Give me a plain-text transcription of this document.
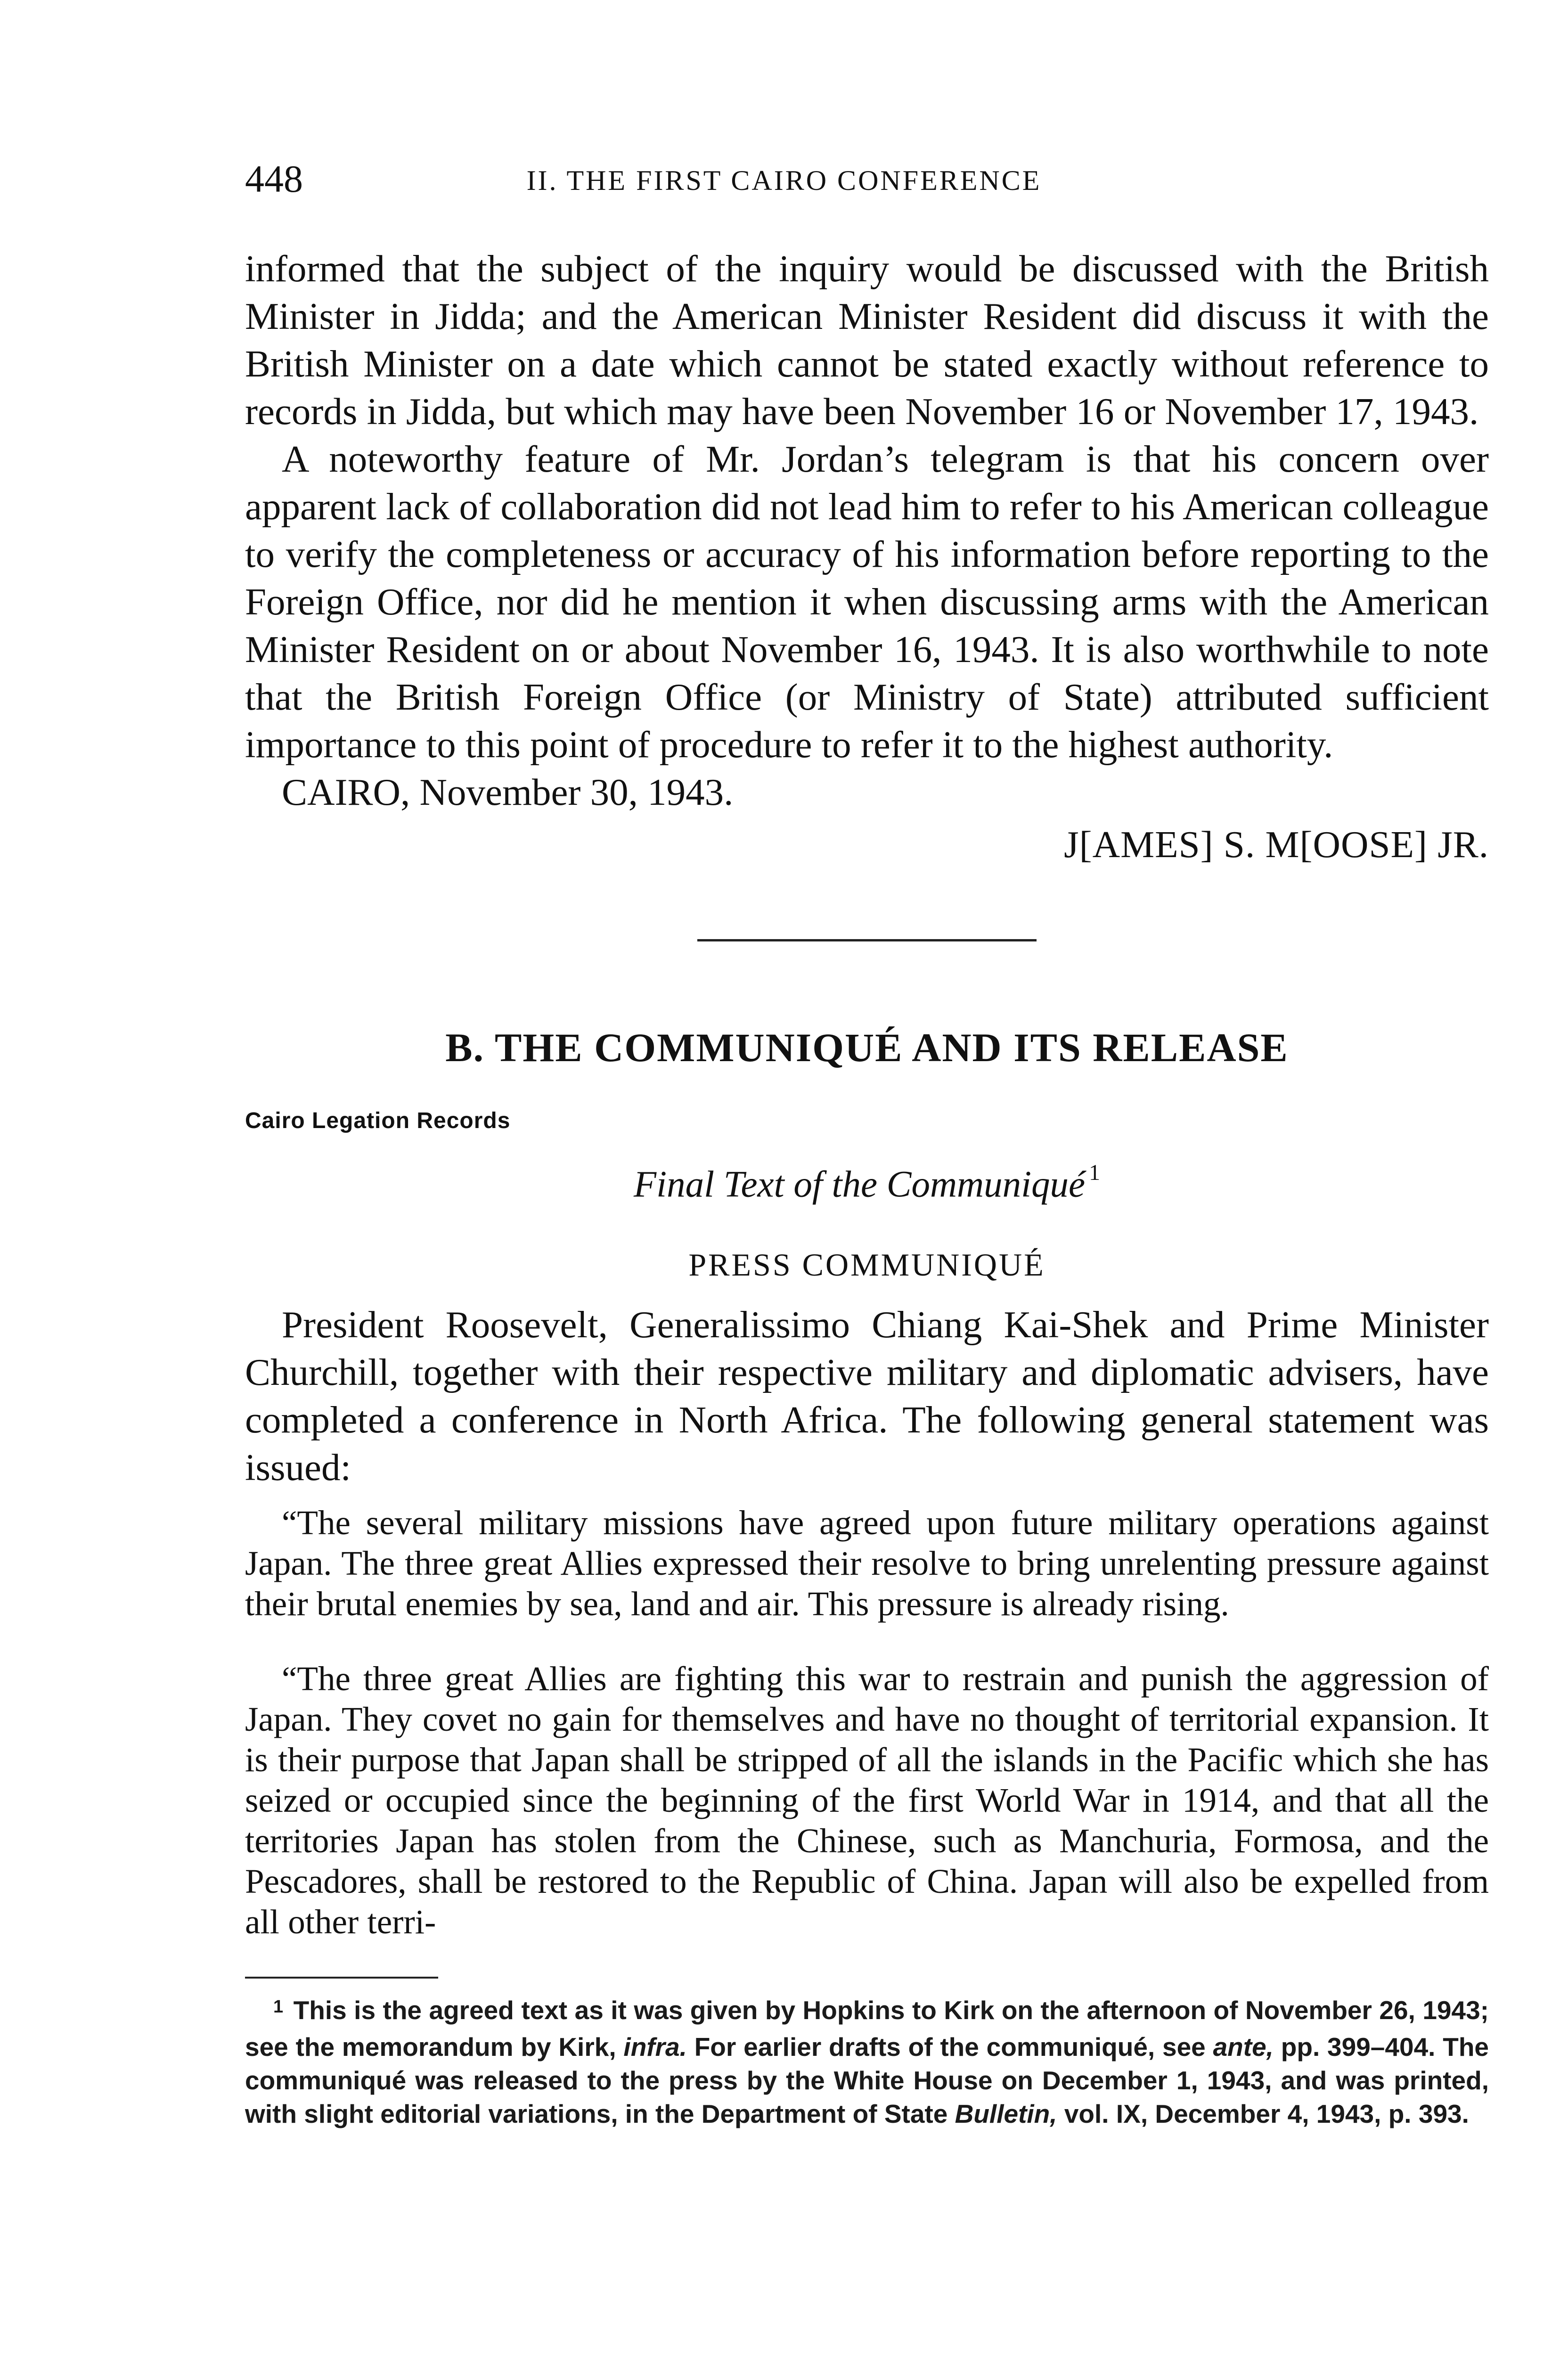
448	II. THE FIRST CAIRO CONFERENCE

informed that the subject of the inquiry would be discussed with the British Minister in Jidda; and the American Minister Resident did discuss it with the British Minister on a date which cannot be stated exactly without reference to records in Jidda, but which may have been November 16 or November 17, 1943.

A noteworthy feature of Mr. Jordan’s telegram is that his concern over apparent lack of collaboration did not lead him to refer to his American colleague to verify the completeness or accuracy of his information before reporting to the Foreign Office, nor did he mention it when discussing arms with the American Minister Resident on or about November 16, 1943. It is also worthwhile to note that the British Foreign Office (or Ministry of State) attributed sufficient importance to this point of procedure to refer it to the highest authority.

CAIRO, November 30, 1943.
J[AMES] S. M[OOSE] JR.
B. THE COMMUNIQUÉ AND ITS RELEASE
Cairo Legation Records
Final Text of the Communiqué $^1$
PRESS COMMUNIQUÉ

President Roosevelt, Generalissimo Chiang Kai-Shek and Prime Minister Churchill, together with their respective military and diplomatic advisers, have completed a conference in North Africa. The following general statement was issued:

“The several military missions have agreed upon future military operations against Japan. The three great Allies expressed their resolve to bring unrelenting pressure against their brutal enemies by sea, land and air. This pressure is already rising.

“The three great Allies are fighting this war to restrain and punish the aggression of Japan. They covet no gain for themselves and have no thought of territorial expansion. It is their purpose that Japan shall be stripped of all the islands in the Pacific which she has seized or occupied since the beginning of the first World War in 1914, and that all the territories Japan has stolen from the Chinese, such as Manchuria, Formosa, and the Pescadores, shall be restored to the Republic of China. Japan will also be expelled from all other terri-

$^1$ This is the agreed text as it was given by Hopkins to Kirk on the afternoon of November 26, 1943; see the memorandum by Kirk, infra. For earlier drafts of the communiqué, see ante, pp. 399–404. The communiqué was released to the press by the White House on December 1, 1943, and was printed, with slight editorial variations, in the Department of State Bulletin, vol. IX, December 4, 1943, p. 393.
